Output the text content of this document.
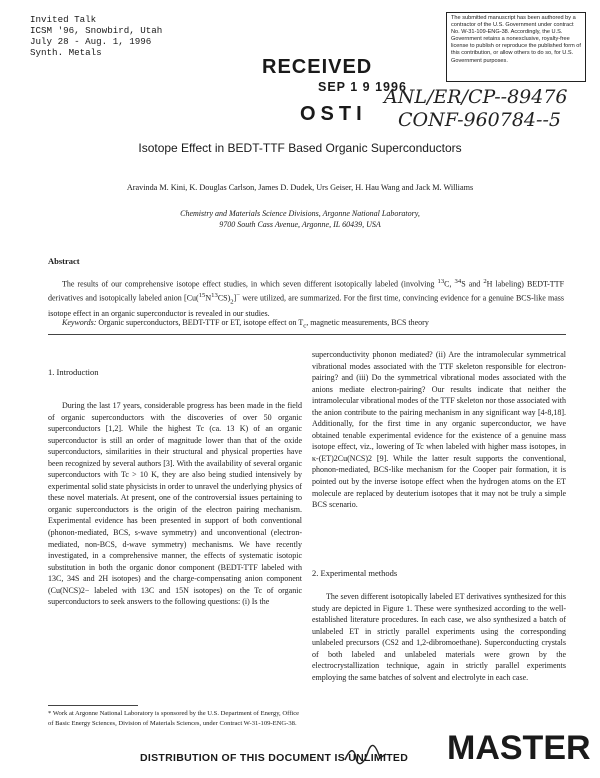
Invited Talk
ICSM '96, Snowbird, Utah
July 28 - Aug. 1, 1996
Synth. Metals
The submitted manuscript has been authored by a contractor of the U.S. Government under contract No. W-31-109-ENG-38. Accordingly, the U.S. Government retains a nonexclusive, royalty-free license to publish or reproduce the published form of this contribution, or allow others to do so, for U.S. Government purposes.
RECEIVED
SEP 1 9 1996
OSTI
ANL/ER/CP--89476
CONF-960784--5
Isotope Effect in BEDT-TTF Based Organic Superconductors
Aravinda M. Kini, K. Douglas Carlson, James D. Dudek, Urs Geiser, H. Hau Wang and Jack M. Williams
Chemistry and Materials Science Divisions, Argonne National Laboratory,
9700 South Cass Avenue, Argonne, IL 60439, USA
Abstract
The results of our comprehensive isotope effect studies, in which seven different isotopically labeled (involving $^{13}$C, $^{34}$S and $^2$H labeling) BEDT-TTF derivatives and isotopically labeled anion $[Cu(^{15}N^{13}CS)_2]^-$ were utilized, are summarized. For the first time, convincing evidence for a genuine BCS-like mass isotope effect in an organic superconductor is revealed in our studies.
Keywords: Organic superconductors, BEDT-TTF or ET, isotope effect on $T_c$, magnetic measurements, BCS theory
1. Introduction
During the last 17 years, considerable progress has been made in the field of organic superconductors with the discoveries of over 50 organic superconductors [1,2]. While the highest Tc (ca. 13 K) of an organic superconductor is still an order of magnitude lower than that of the oxide superconductors, similarities in their structural and physical properties have been recognized by several authors [3]. With the availability of several organic superconductors with Tc > 10 K, they are also being studied intensively by experimental solid state physicists in order to unravel the underlying physics of these novel materials. At present, one of the controversial issues pertaining to organic superconductors is the origin of the electron pairing mechanism. Experimental evidence has been presented in support of both conventional (phonon-mediated, BCS, s-wave symmetry) and unconventional (electron-mediated, non-BCS, d-wave symmetry) mechanisms. We have recently investigated, in a comprehensive manner, the effects of systematic isotopic substitution in both the organic donor component (BEDT-TTF labeled with 13C, 34S and 2H isotopes) and the charge-compensating anion component (Cu(NCS)2− labeled with 13C and 15N isotopes) on the Tc of organic superconductors to seek answers to the following questions: (i) Is the
superconductivity phonon mediated? (ii) Are the intramolecular symmetrical vibrational modes associated with the TTF skeleton responsible for electron-pairing? and (iii) Do the symmetrical vibrational modes associated with the anions mediate electron-pairing? Our results indicate that neither the intramolecular vibrational modes of the TTF skeleton nor those associated with the anion contribute to the pairing mechanism in any significant way [4-8,18]. Additionally, for the first time in any organic superconductor, we have obtained tenable experimental evidence for the existence of a genuine mass isotope effect, viz., lowering of Tc when labeled with higher mass isotopes, in κ-(ET)2Cu(NCS)2 [9]. While the latter result supports the conventional, phonon-mediated, BCS-like mechanism for the Cooper pair formation, it is pointed out by the inverse isotope effect when the hydrogen atoms on the ET molecule are replaced by deuterium isotopes that it may not be truly a simple BCS scenario.
2. Experimental methods
The seven different isotopically labeled ET derivatives synthesized for this study are depicted in Figure 1. These were synthesized according to the well-established literature procedures. In each case, we also synthesized a batch of unlabeled ET in strictly parallel experiments using the corresponding unlabeled precursors (CS2 and 1,2-dibromoethane). Superconducting crystals of both labeled and unlabeled materials were grown by the electrocrystallization technique, again in strictly parallel experiments employing the same batches of solvent and electrolyte in each case.
* Work at Argonne National Laboratory is sponsored by the U.S. Department of Energy, Office of Basic Energy Sciences, Division of Materials Sciences, under Contract W-31-109-ENG-38.
DISTRIBUTION OF THIS DOCUMENT IS UNLIMITED MASTER
